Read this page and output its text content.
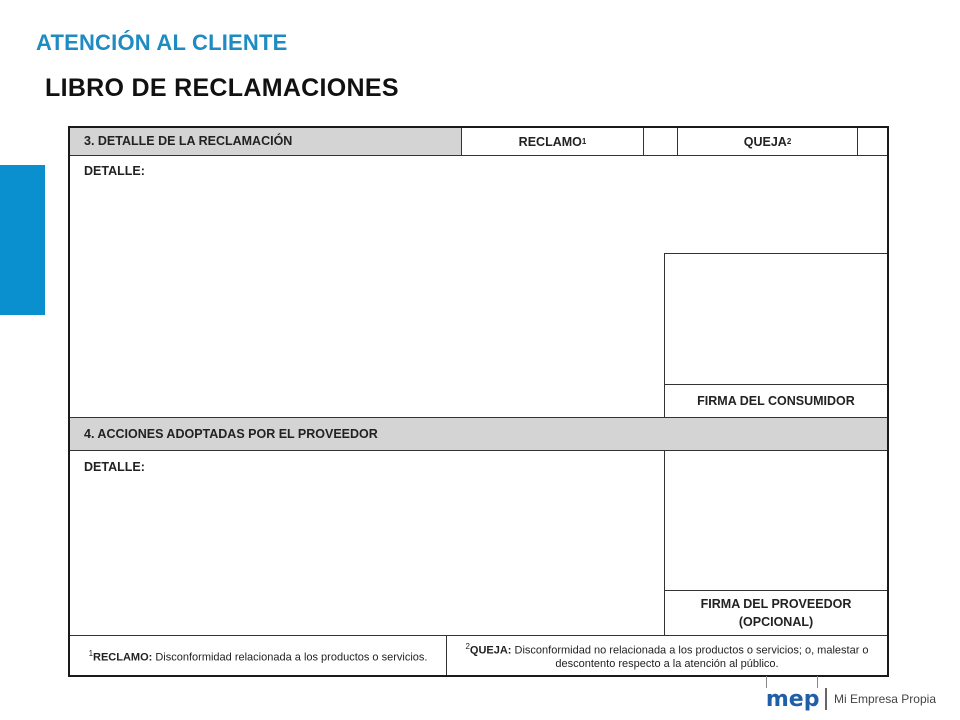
ATENCIÓN AL CLIENTE
LIBRO DE RECLAMACIONES
3. DETALLE DE LA RECLAMACIÓN	RECLAMO 1	QUEJA 2
DETALLE:
FIRMA DEL CONSUMIDOR
4. ACCIONES ADOPTADAS POR EL PROVEEDOR
DETALLE:
FIRMA DEL PROVEEDOR
(OPCIONAL)
$^1$RECLAMO: Disconformidad relacionada a los productos o servicios.
$^2$QUEJA: Disconformidad no relacionada a los productos o servicios; o, malestar o descontento respecto a la atención al público.
mep Mi Empresa Propia
